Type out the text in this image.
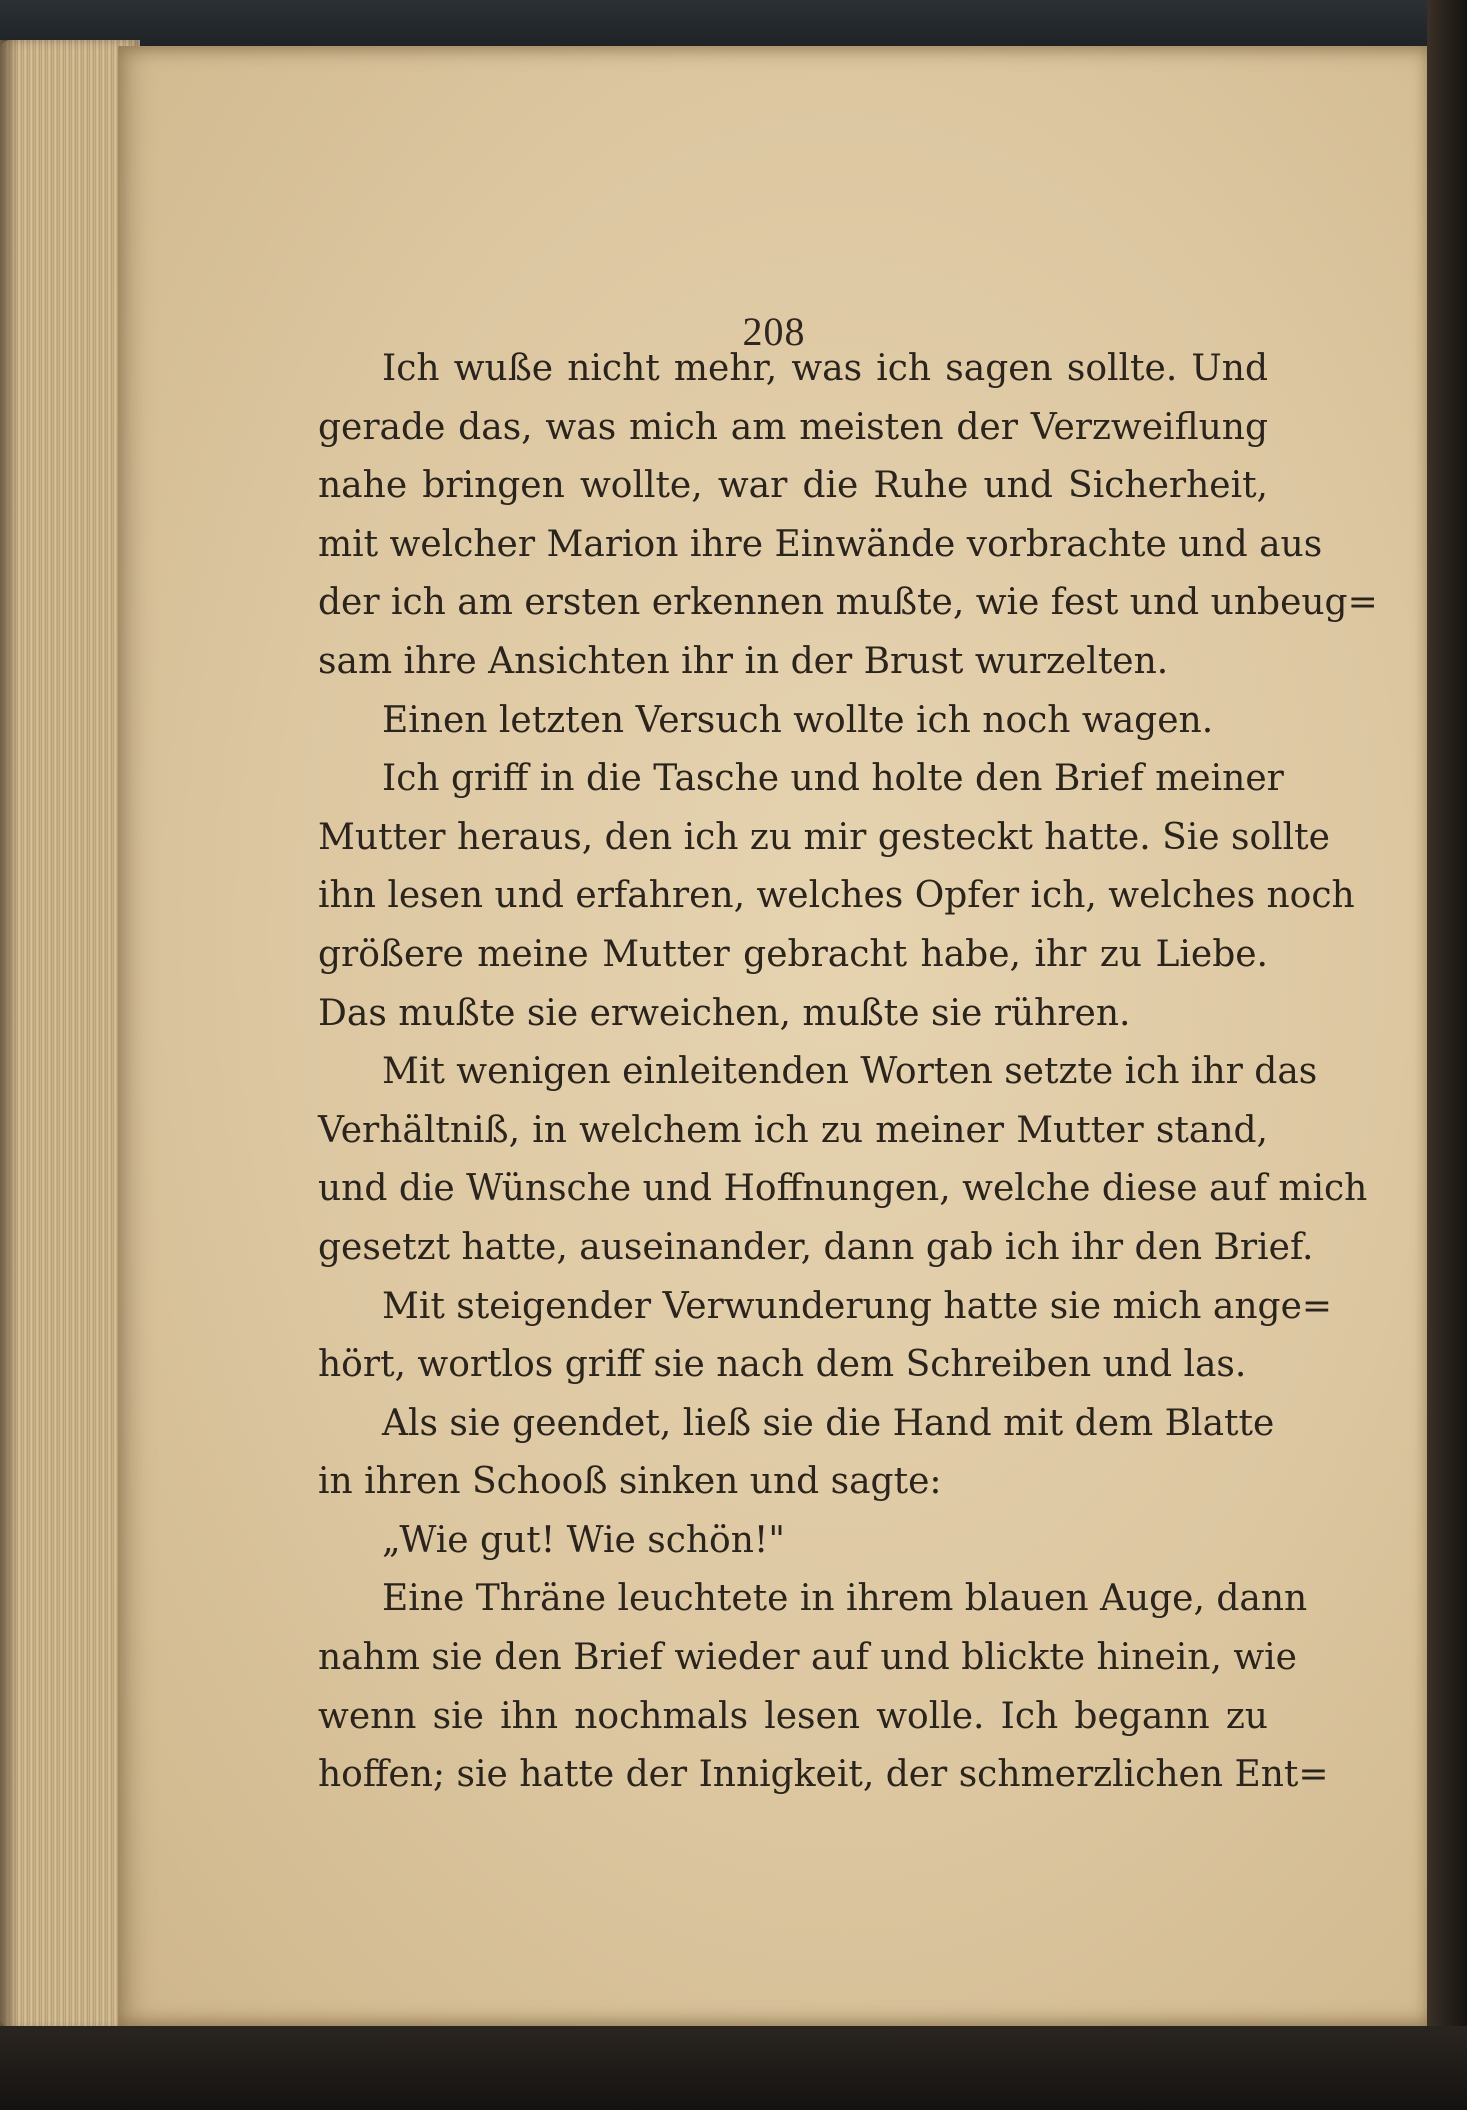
208
Ich wuße nicht mehr, was ich sagen sollte. Und
gerade das, was mich am meisten der Verzweiflung
nahe bringen wollte, war die Ruhe und Sicherheit,
mit welcher Marion ihre Einwände vorbrachte und aus
der ich am ersten erkennen mußte, wie fest und unbeug=
sam ihre Ansichten ihr in der Brust wurzelten.
Einen letzten Versuch wollte ich noch wagen.
Ich griff in die Tasche und holte den Brief meiner
Mutter heraus, den ich zu mir gesteckt hatte. Sie sollte
ihn lesen und erfahren, welches Opfer ich, welches noch
größere meine Mutter gebracht habe, ihr zu Liebe.
Das mußte sie erweichen, mußte sie rühren.
Mit wenigen einleitenden Worten setzte ich ihr das
Verhältniß, in welchem ich zu meiner Mutter stand,
und die Wünsche und Hoffnungen, welche diese auf mich
gesetzt hatte, auseinander, dann gab ich ihr den Brief.
Mit steigender Verwunderung hatte sie mich ange=
hört, wortlos griff sie nach dem Schreiben und las.
Als sie geendet, ließ sie die Hand mit dem Blatte
in ihren Schooß sinken und sagte:
„Wie gut! Wie schön!"
Eine Thräne leuchtete in ihrem blauen Auge, dann
nahm sie den Brief wieder auf und blickte hinein, wie
wenn sie ihn nochmals lesen wolle. Ich begann zu
hoffen; sie hatte der Innigkeit, der schmerzlichen Ent=
